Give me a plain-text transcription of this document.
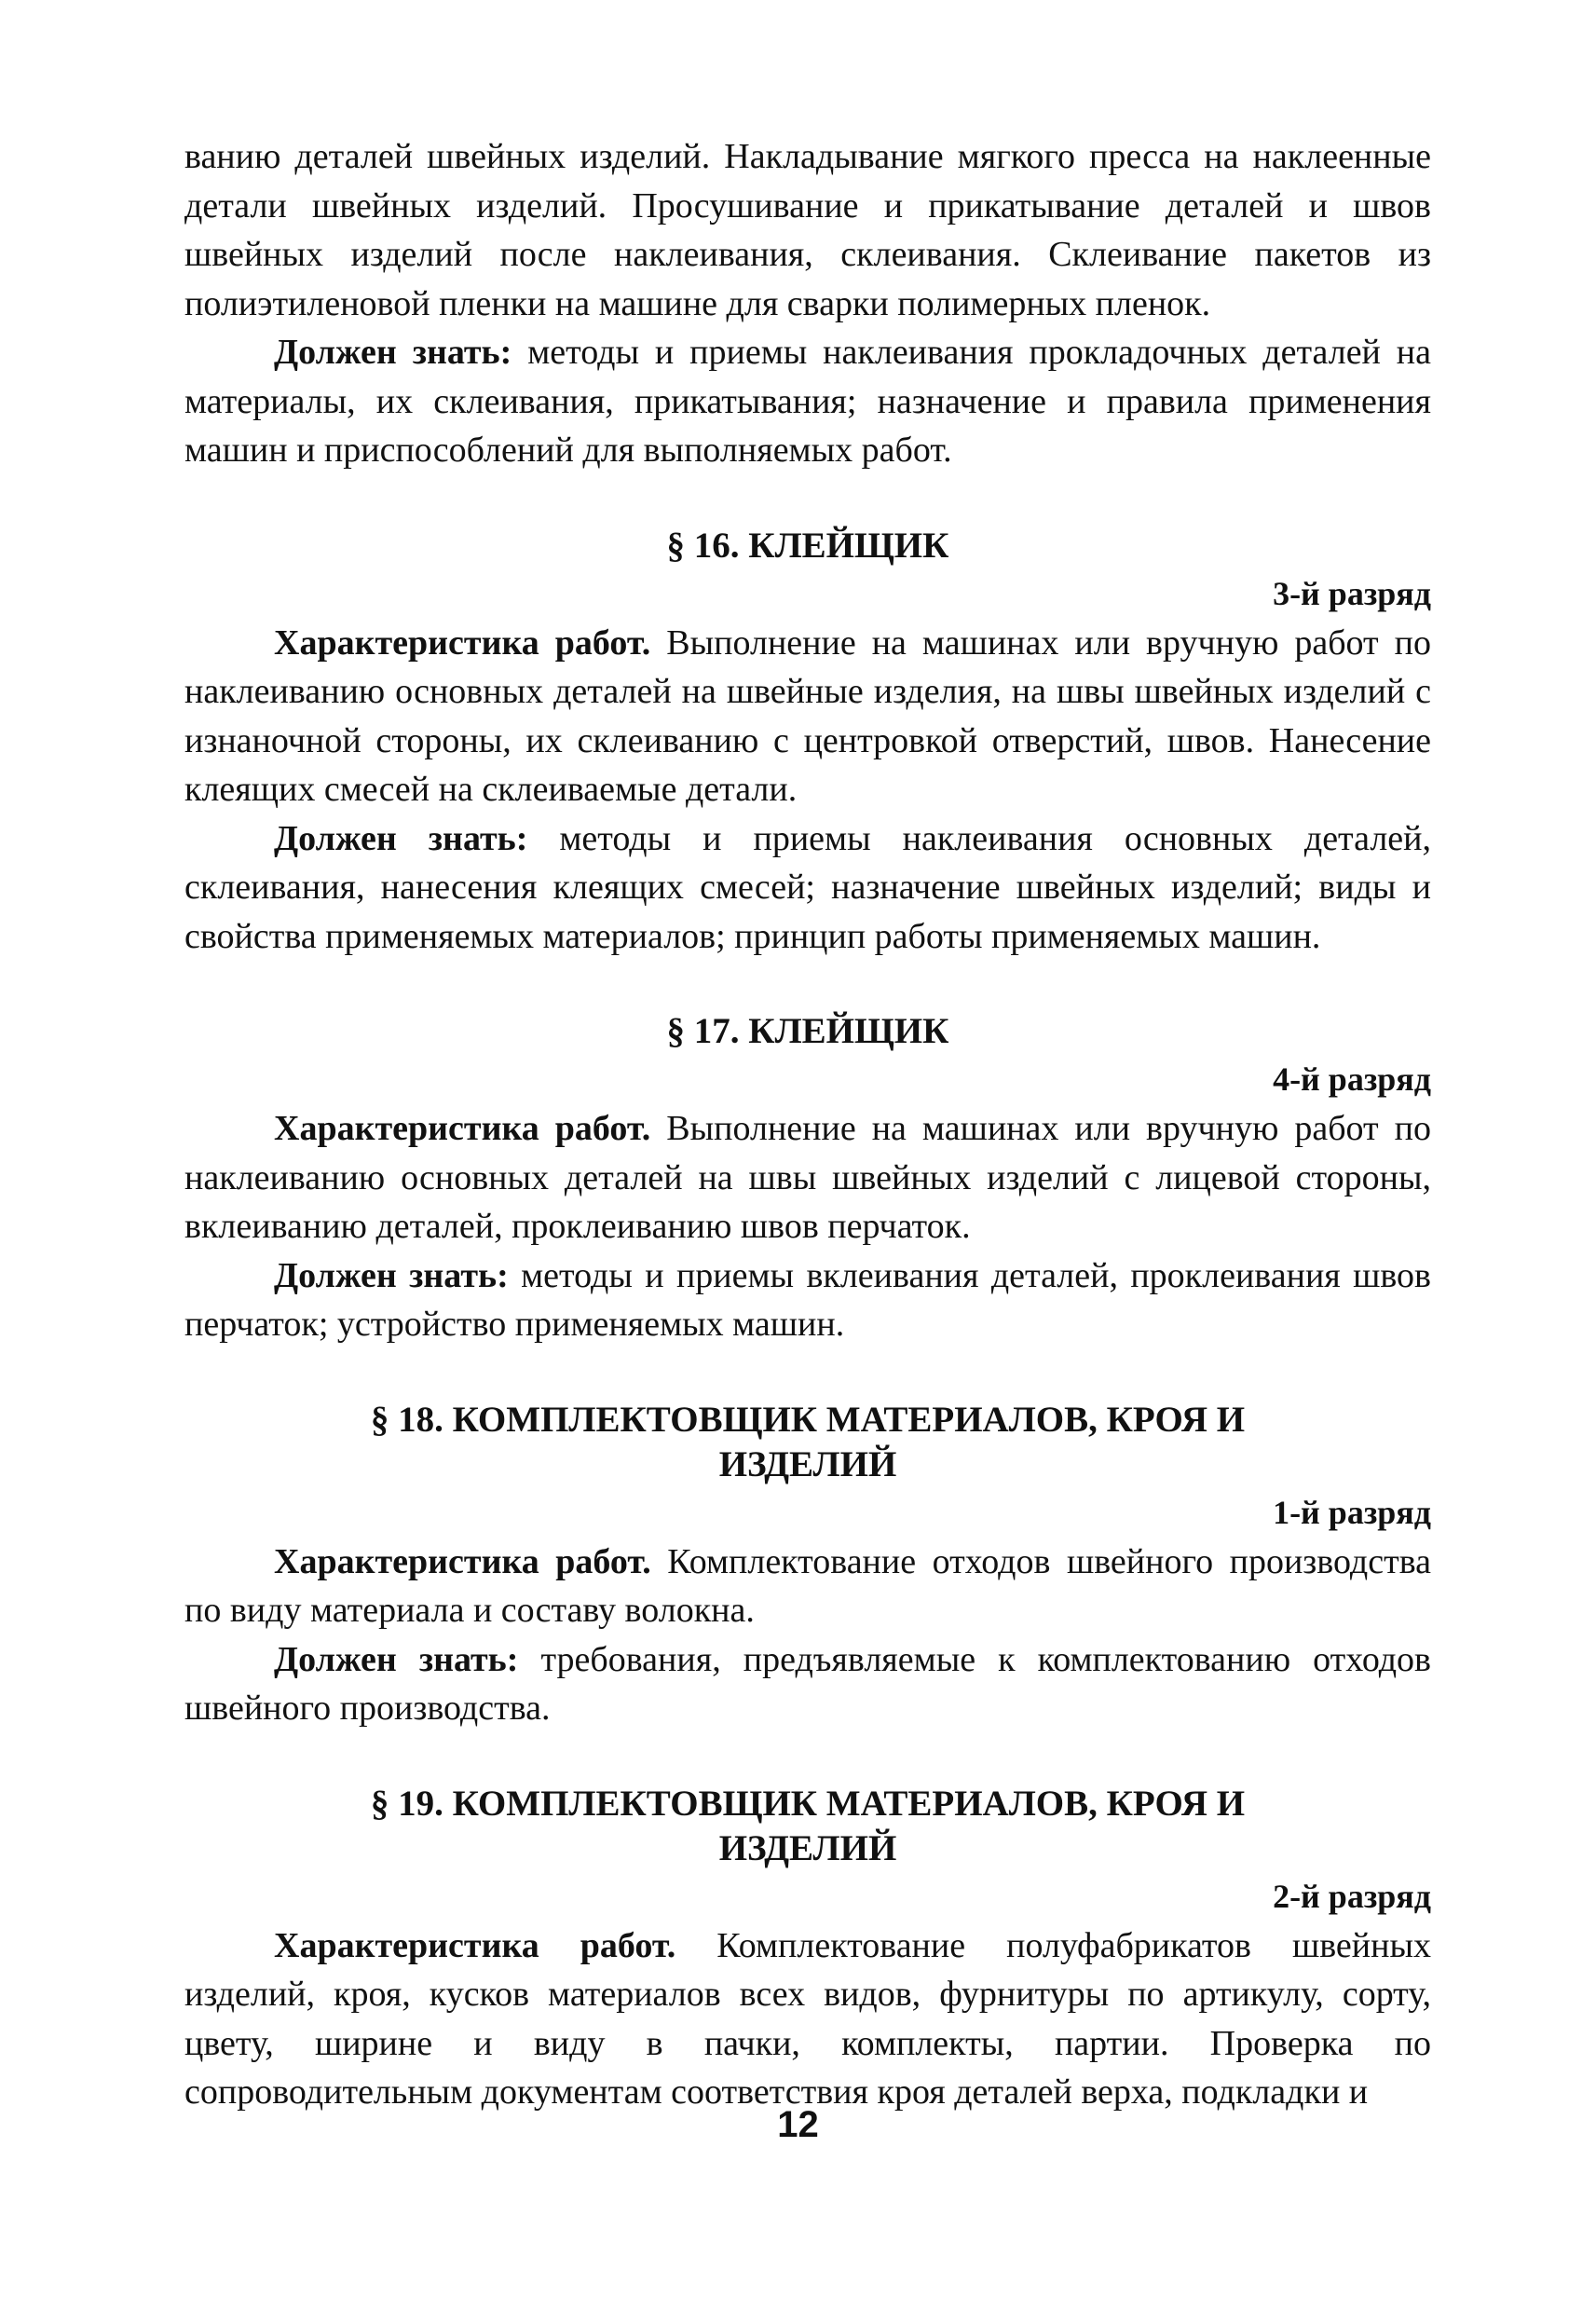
ванию деталей швейных изделий. Накладывание мягкого пресса на наклеенные детали швейных изделий. Просушивание и прикатывание деталей и швов швейных изделий после наклеивания, склеивания. Склеивание пакетов из полиэтиленовой пленки на машине для сварки полимерных пленок.

Должен знать: методы и приемы наклеивания прокладочных деталей на материалы, их склеивания, прикатывания; назначение и правила применения машин и приспособлений для выполняемых работ.

§ 16. КЛЕЙЩИК
3-й разряд

Характеристика работ. Выполнение на машинах или вручную работ по наклеиванию основных деталей на швейные изделия, на швы швейных изделий с изнаночной стороны, их склеиванию с центровкой отверстий, швов. Нанесение клеящих смесей на склеиваемые детали.

Должен знать: методы и приемы наклеивания основных деталей, склеивания, нанесения клеящих смесей; назначение швейных изделий; виды и свойства применяемых материалов; принцип работы применяемых машин.

§ 17. КЛЕЙЩИК
4-й разряд

Характеристика работ. Выполнение на машинах или вручную работ по наклеиванию основных деталей на швы швейных изделий с лицевой стороны, вклеиванию деталей, проклеиванию швов перчаток.

Должен знать: методы и приемы вклеивания деталей, проклеивания швов перчаток; устройство применяемых машин.

§ 18. КОМПЛЕКТОВЩИК МАТЕРИАЛОВ, КРОЯ И
ИЗДЕЛИЙ
1-й разряд

Характеристика работ. Комплектование отходов швейного производства по виду материала и составу волокна.

Должен знать: требования, предъявляемые к комплектованию отходов швейного производства.

§ 19. КОМПЛЕКТОВЩИК МАТЕРИАЛОВ, КРОЯ И
ИЗДЕЛИЙ
2-й разряд

Характеристика работ. Комплектование полуфабрикатов швейных изделий, кроя, кусков материалов всех видов, фурнитуры по артикулу, сорту, цвету, ширине и виду в пачки, комплекты, партии. Проверка по сопроводительным документам соответствия кроя деталей верха, подкладки и

12
